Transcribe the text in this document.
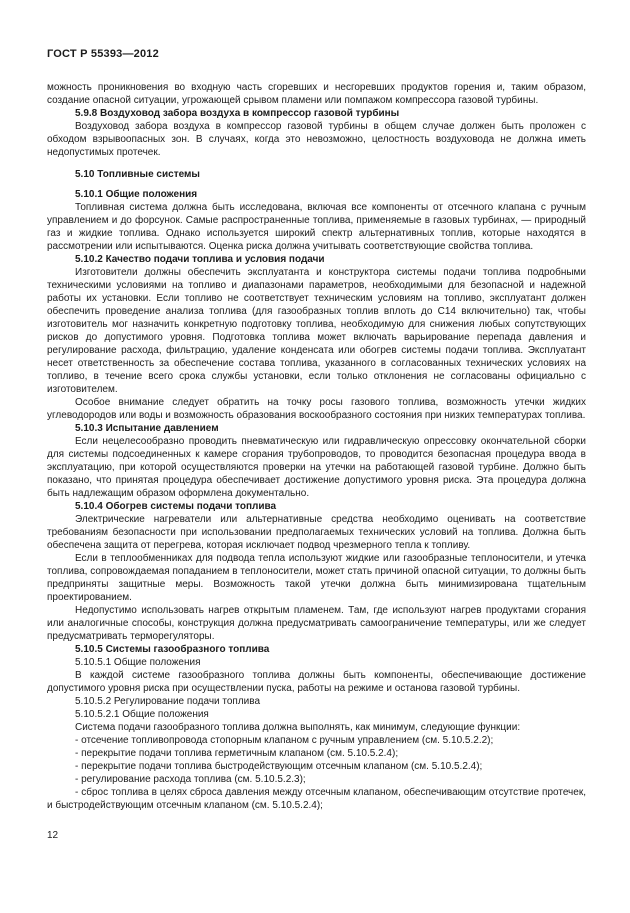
ГОСТ Р 55393—2012
можность проникновения во входную часть сгоревших и несгоревших продуктов горения и, таким образом, создание опасной ситуации, угрожающей срывом пламени или помпажом компрессора газовой турбины.
5.9.8 Воздуховод забора воздуха в компрессор газовой турбины
Воздуховод забора воздуха в компрессор газовой турбины в общем случае должен быть проложен с обходом взрывоопасных зон. В случаях, когда это невозможно, целостность воздуховода не должна иметь недопустимых протечек.
5.10 Топливные системы
5.10.1 Общие положения
Топливная система должна быть исследована, включая все компоненты от отсечного клапана с ручным управлением и до форсунок. Самые распространенные топлива, применяемые в газовых турбинах, — природный газ и жидкие топлива. Однако используется широкий спектр альтернативных топлив, которые находятся в рассмотрении или испытываются. Оценка риска должна учитывать соответствующие свойства топлива.
5.10.2 Качество подачи топлива и условия подачи
Изготовители должны обеспечить эксплуатанта и конструктора системы подачи топлива подробными техническими условиями на топливо и диапазонами параметров, необходимыми для безопасной и надежной работы их установки. Если топливо не соответствует техническим условиям на топливо, эксплуатант должен обеспечить проведение анализа топлива (для газообразных топлив вплоть до С14 включительно) так, чтобы изготовитель мог назначить конкретную подготовку топлива, необходимую для снижения любых сопутствующих рисков до допустимого уровня. Подготовка топлива может включать варьирование перепада давления и регулирование расхода, фильтрацию, удаление конденсата или обогрев системы подачи топлива. Эксплуатант несет ответственность за обеспечение состава топлива, указанного в согласованных технических условиях на топливо, в течение всего срока службы установки, если только отклонения не согласованы официально с изготовителем.
Особое внимание следует обратить на точку росы газового топлива, возможность утечки жидких углеводородов или воды и возможность образования воскообразного состояния при низких температурах топлива.
5.10.3 Испытание давлением
Если нецелесообразно проводить пневматическую или гидравлическую опрессовку окончательной сборки для системы подсоединенных к камере сгорания трубопроводов, то проводится безопасная процедура ввода в эксплуатацию, при которой осуществляются проверки на утечки на работающей газовой турбине. Должно быть показано, что принятая процедура обеспечивает достижение допустимого уровня риска. Эта процедура должна быть надлежащим образом оформлена документально.
5.10.4 Обогрев системы подачи топлива
Электрические нагреватели или альтернативные средства необходимо оценивать на соответствие требованиям безопасности при использовании предполагаемых технических условий на топлива. Должна быть обеспечена защита от перегрева, которая исключает подвод чрезмерного тепла к топливу.
Если в теплообменниках для подвода тепла используют жидкие или газообразные теплоносители, и утечка топлива, сопровождаемая попаданием в теплоносители, может стать причиной опасной ситуации, то должны быть предприняты защитные меры. Возможность такой утечки должна быть минимизирована тщательным проектированием.
Недопустимо использовать нагрев открытым пламенем. Там, где используют нагрев продуктами сгорания или аналогичные способы, конструкция должна предусматривать самоограничение температуры, или же следует предусматривать терморегуляторы.
5.10.5 Системы газообразного топлива
5.10.5.1 Общие положения
В каждой системе газообразного топлива должны быть компоненты, обеспечивающие достижение допустимого уровня риска при осуществлении пуска, работы на режиме и останова газовой турбины.
5.10.5.2 Регулирование подачи топлива
5.10.5.2.1 Общие положения
Система подачи газообразного топлива должна выполнять, как минимум, следующие функции:
- отсечение топливопровода стопорным клапаном с ручным управлением (см. 5.10.5.2.2);
- перекрытие подачи топлива герметичным клапаном (см. 5.10.5.2.4);
- перекрытие подачи топлива быстродействующим отсечным клапаном (см. 5.10.5.2.4);
- регулирование расхода топлива (см. 5.10.5.2.3);
- сброс топлива в целях сброса давления между отсечным клапаном, обеспечивающим отсутствие протечек, и быстродействующим отсечным клапаном (см. 5.10.5.2.4);
12
